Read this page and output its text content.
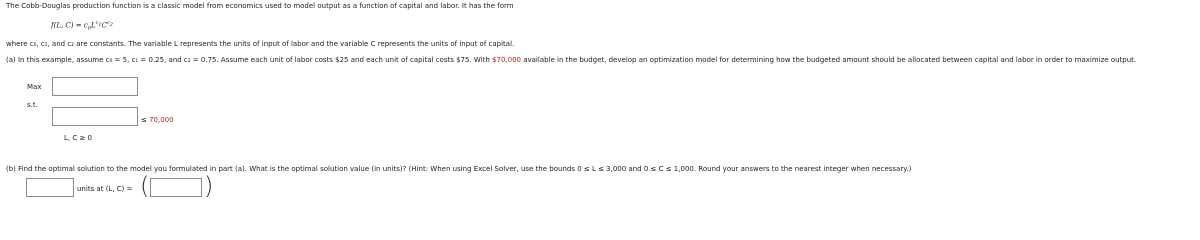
The Cobb-Douglas production function is a classic model from economics used to model output as a function of capital and labor. It has the form
f(L, $C) = c_0L^{c1}C^{c2}$
where c₀, c₁, and c₂ are constants. The variable L represents the units of input of labor and the variable C represents the units of input of capital.
(a) In this example, assume c₀ = 5, c₁ = 0.25, and c₂ = 0.75. Assume each unit of labor costs $25 and each unit of capital costs $75. With $70,000 available in the budget, develop an optimization model for determining how the budgeted amount should be allocated between capital and labor in order to maximize output.
Max
s.t.
≤ 70,000
L, C ≥ 0
(b) Find the optimal solution to the model you formulated in part (a). What is the optimal solution value (in units)? (Hint: When using Excel Solver, use the bounds 0 ≤ L ≤ 3,000 and 0 ≤ C ≤ 1,000. Round your answers to the nearest integer when necessary.)
units at (L, C) = ( )
